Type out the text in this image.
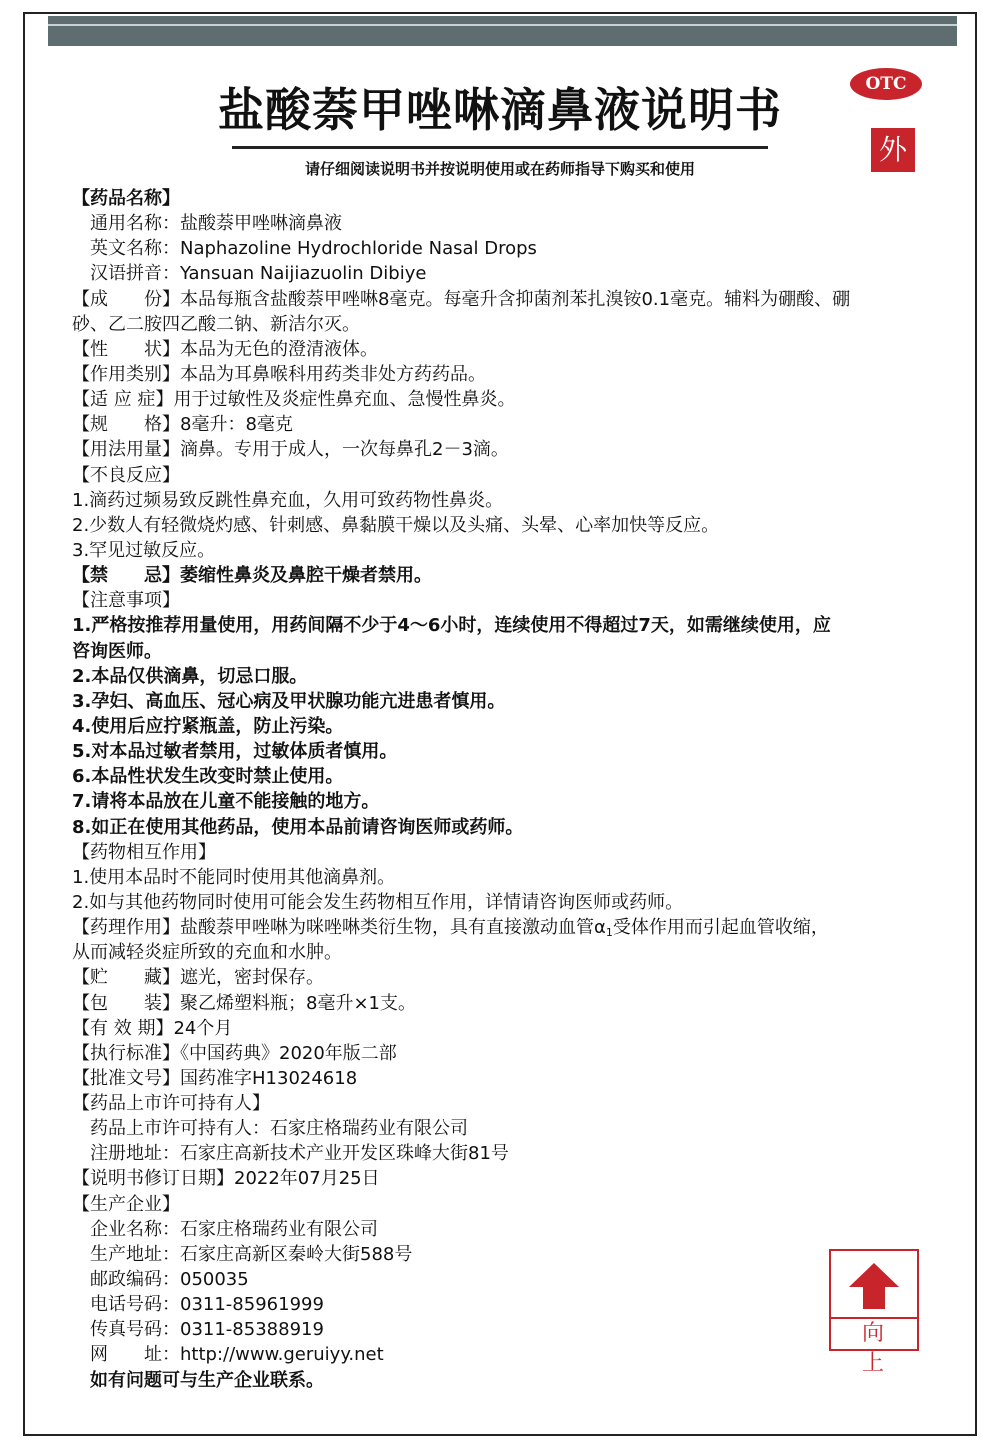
OTC
外
盐酸萘甲唑啉滴鼻液说明书
请仔细阅读说明书并按说明使用或在药师指导下购买和使用
【药品名称】
通用名称：盐酸萘甲唑啉滴鼻液
英文名称：Naphazoline Hydrochloride Nasal Drops
汉语拼音：Yansuan Naijiazuolin Dibiye
【成　　份】本品每瓶含盐酸萘甲唑啉8毫克。每毫升含抑菌剂苯扎溴铵0.1毫克。辅料为硼酸、硼
砂、乙二胺四乙酸二钠、新洁尔灭。
【性　　状】本品为无色的澄清液体。
【作用类别】本品为耳鼻喉科用药类非处方药药品。
【适 应 症】用于过敏性及炎症性鼻充血、急慢性鼻炎。
【规　　格】8毫升：8毫克
【用法用量】滴鼻。专用于成人，一次每鼻孔2－3滴。
【不良反应】
1.滴药过频易致反跳性鼻充血，久用可致药物性鼻炎。
2.少数人有轻微烧灼感、针刺感、鼻黏膜干燥以及头痛、头晕、心率加快等反应。
3.罕见过敏反应。
【禁　　忌】萎缩性鼻炎及鼻腔干燥者禁用。
【注意事项】
1.严格按推荐用量使用，用药间隔不少于4～6小时，连续使用不得超过7天，如需继续使用，应
咨询医师。
2.本品仅供滴鼻，切忌口服。
3.孕妇、高血压、冠心病及甲状腺功能亢进患者慎用。
4.使用后应拧紧瓶盖，防止污染。
5.对本品过敏者禁用，过敏体质者慎用。
6.本品性状发生改变时禁止使用。
7.请将本品放在儿童不能接触的地方。
8.如正在使用其他药品，使用本品前请咨询医师或药师。
【药物相互作用】
1.使用本品时不能同时使用其他滴鼻剂。
2.如与其他药物同时使用可能会发生药物相互作用，详情请咨询医师或药师。
【药理作用】盐酸萘甲唑啉为咪唑啉类衍生物，具有直接激动血管$\alpha_1$受体作用而引起血管收缩，
从而减轻炎症所致的充血和水肿。
【贮　　藏】遮光，密封保存。
【包　　装】聚乙烯塑料瓶；8毫升×1支。
【有 效 期】24个月
【执行标准】《中国药典》2020年版二部
【批准文号】国药准字H13024618
【药品上市许可持有人】
药品上市许可持有人：石家庄格瑞药业有限公司
注册地址：石家庄高新技术产业开发区珠峰大街81号
【说明书修订日期】2022年07月25日
【生产企业】
企业名称：石家庄格瑞药业有限公司
生产地址：石家庄高新区秦岭大街588号
邮政编码：050035
电话号码：0311-85961999
传真号码：0311-85388919
网　　址：http://www.geruiyy.net
如有问题可与生产企业联系。
向 上
